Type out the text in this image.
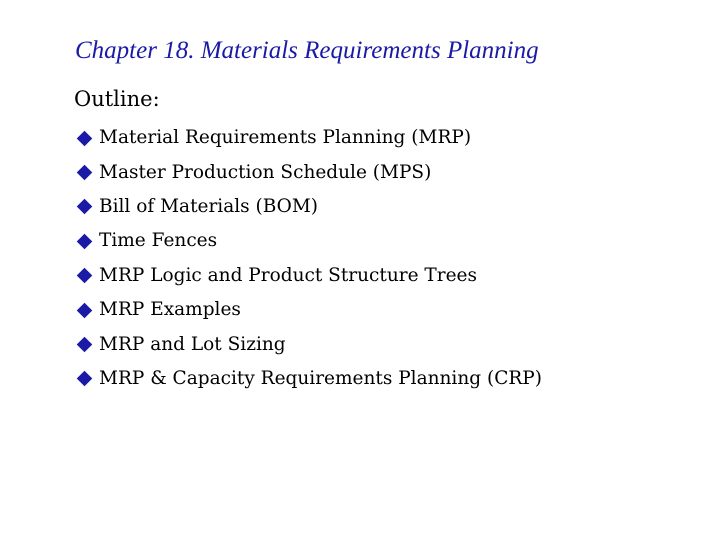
Chapter 18. Materials Requirements Planning
Outline:
Material Requirements Planning (MRP)
Master Production Schedule (MPS)
Bill of Materials (BOM)
Time Fences
MRP Logic and Product Structure Trees
MRP Examples
MRP and Lot Sizing
MRP & Capacity Requirements Planning (CRP)
